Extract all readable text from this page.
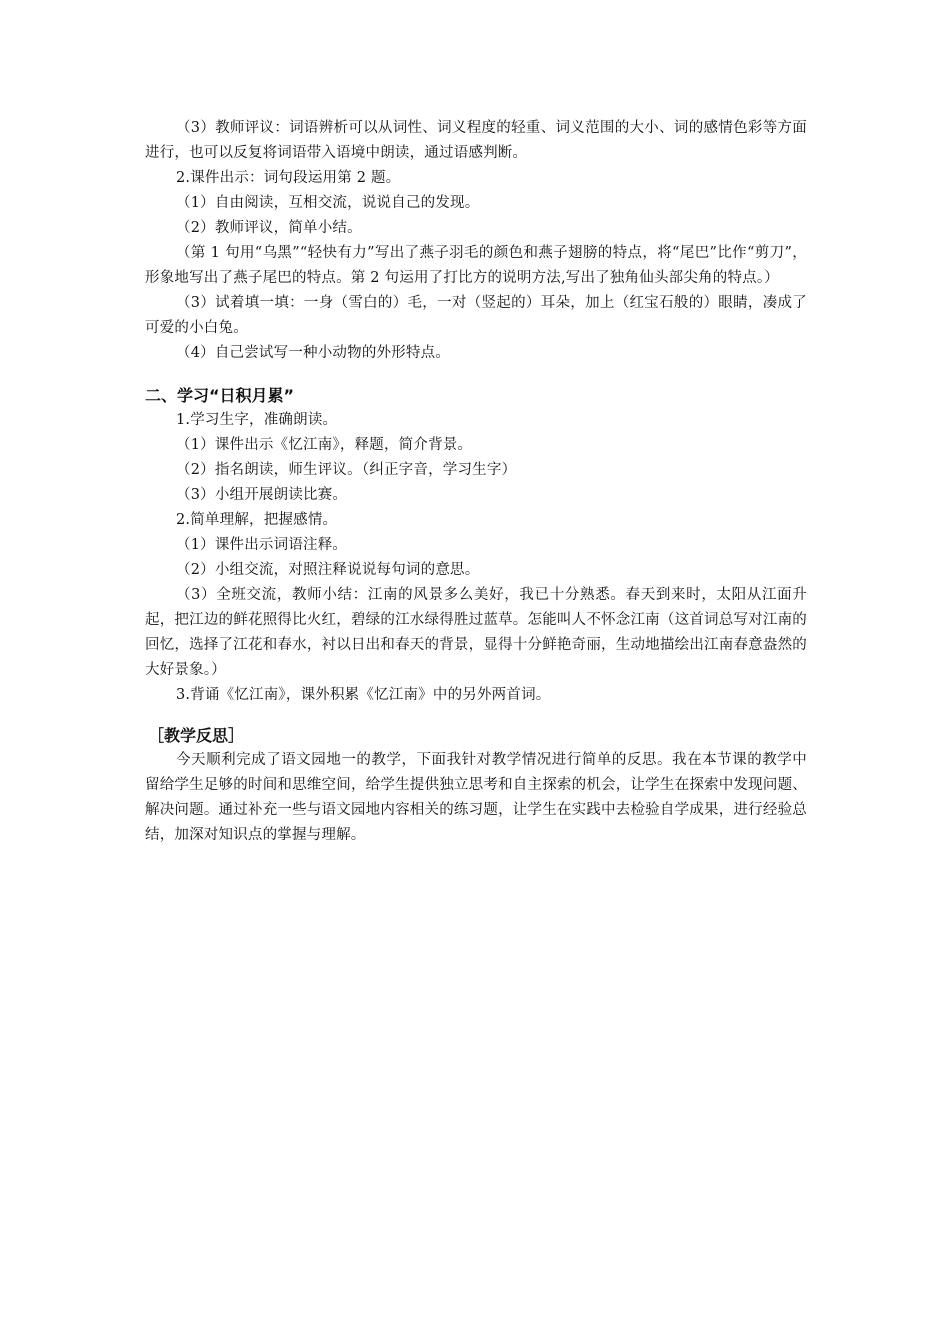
（3）教师评议：词语辨析可以从词性、词义程度的轻重、词义范围的大小、词的感情色彩等方面进行，也可以反复将词语带入语境中朗读，通过语感判断。

2.课件出示：词句段运用第 2 题。

（1）自由阅读，互相交流，说说自己的发现。

（2）教师评议，简单小结。

（第 1 句用“乌黑”“轻快有力”写出了燕子羽毛的颜色和燕子翅膀的特点，将“尾巴”比作“剪刀”，形象地写出了燕子尾巴的特点。第 2 句运用了打比方的说明方法,写出了独角仙头部尖角的特点。）

（3）试着填一填：一身（雪白的）毛，一对（竖起的）耳朵，加上（红宝石般的）眼睛，凑成了可爱的小白兔。

（4）自己尝试写一种小动物的外形特点。

二、学习“日积月累”

1.学习生字，准确朗读。

（1）课件出示《忆江南》，释题，简介背景。

（2）指名朗读，师生评议。（纠正字音，学习生字）

（3）小组开展朗读比赛。

2.简单理解，把握感情。

（1）课件出示词语注释。

（2）小组交流，对照注释说说每句词的意思。

（3）全班交流，教师小结：江南的风景多么美好，我已十分熟悉。春天到来时，太阳从江面升起，把江边的鲜花照得比火红，碧绿的江水绿得胜过蓝草。怎能叫人不怀念江南（这首词总写对江南的回忆，选择了江花和春水，衬以日出和春天的背景，显得十分鲜艳奇丽，生动地描绘出江南春意盎然的大好景象。）

3.背诵《忆江南》，课外积累《忆江南》中的另外两首词。

［教学反思］

今天顺利完成了语文园地一的教学，下面我针对教学情况进行简单的反思。我在本节课的教学中留给学生足够的时间和思维空间，给学生提供独立思考和自主探索的机会，让学生在探索中发现问题、解决问题。通过补充一些与语文园地内容相关的练习题，让学生在实践中去检验自学成果，进行经验总结，加深对知识点的掌握与理解。
